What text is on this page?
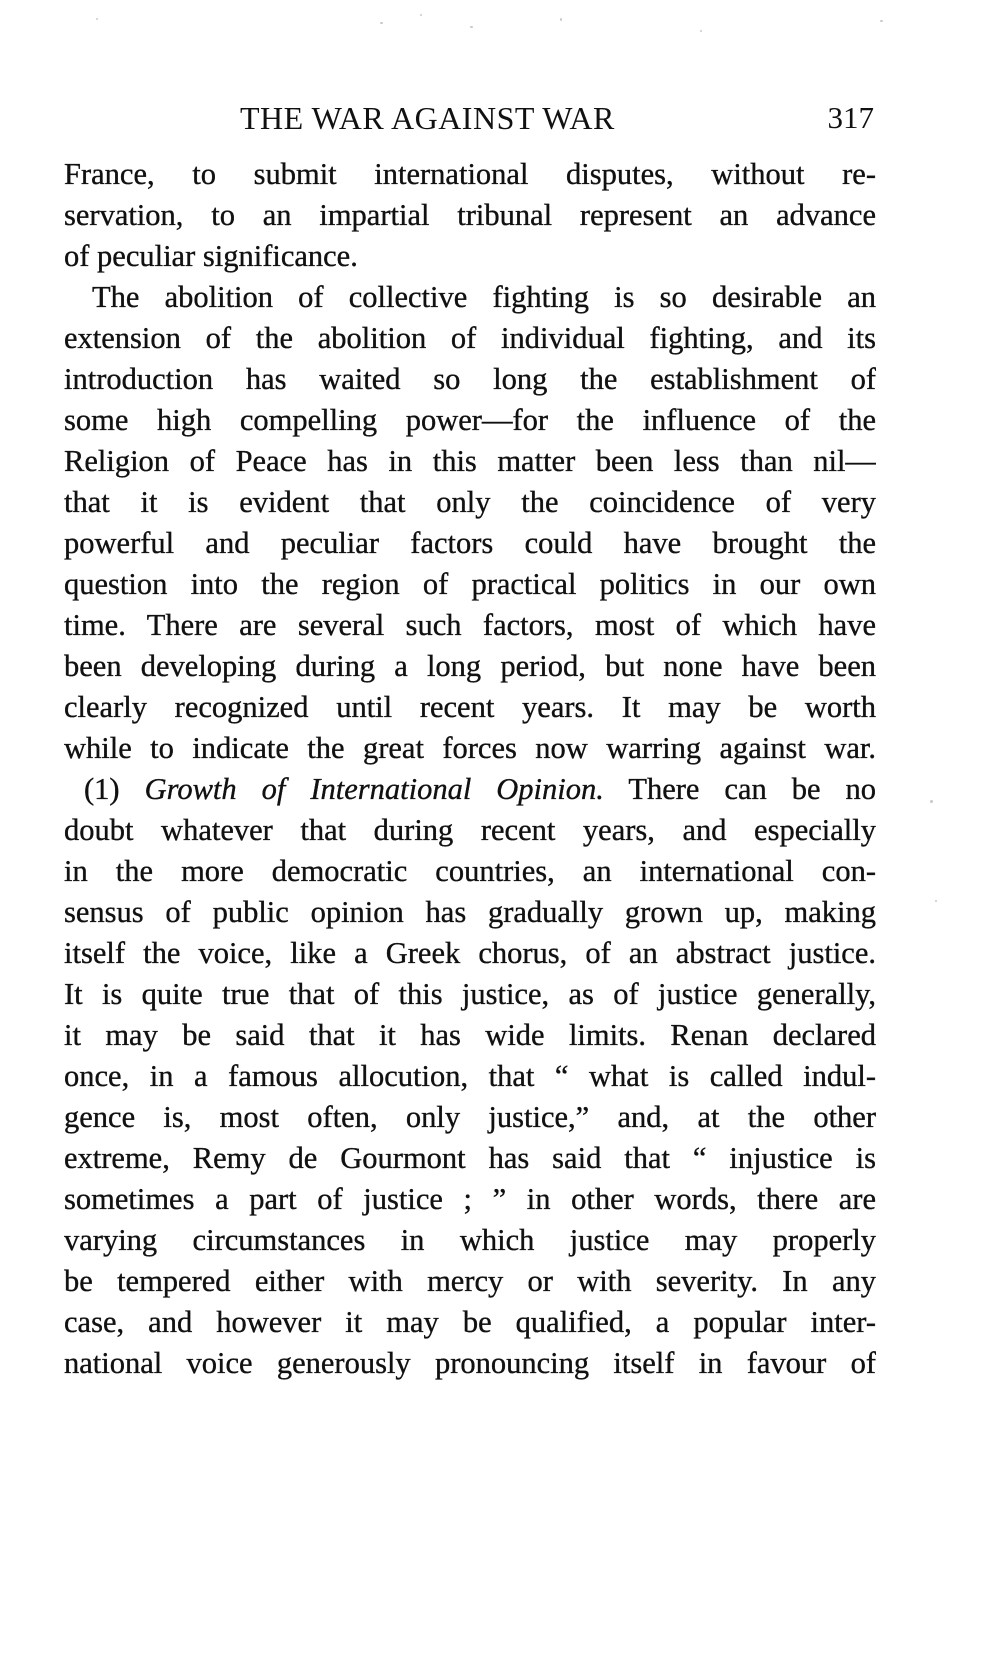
THE WAR AGAINST WAR	317
France, to submit international disputes, without re-
servation, to an impartial tribunal represent an advance
of peculiar significance.
The abolition of collective fighting is so desirable an
extension of the abolition of individual fighting, and its
introduction has waited so long the establishment of
some high compelling power—for the influence of the
Religion of Peace has in this matter been less than nil—
that it is evident that only the coincidence of very
powerful and peculiar factors could have brought the
question into the region of practical politics in our own
time. There are several such factors, most of which have
been developing during a long period, but none have been
clearly recognized until recent years. It may be worth
while to indicate the great forces now warring against war.
(1) Growth of International Opinion. There can be no
doubt whatever that during recent years, and especially
in the more democratic countries, an international con-
sensus of public opinion has gradually grown up, making
itself the voice, like a Greek chorus, of an abstract justice.
It is quite true that of this justice, as of justice generally,
it may be said that it has wide limits. Renan declared
once, in a famous allocution, that “ what is called indul-
gence is, most often, only justice,” and, at the other
extreme, Remy de Gourmont has said that “ injustice is
sometimes a part of justice ; ” in other words, there are
varying circumstances in which justice may properly
be tempered either with mercy or with severity. In any
case, and however it may be qualified, a popular inter-
national voice generously pronouncing itself in favour of
